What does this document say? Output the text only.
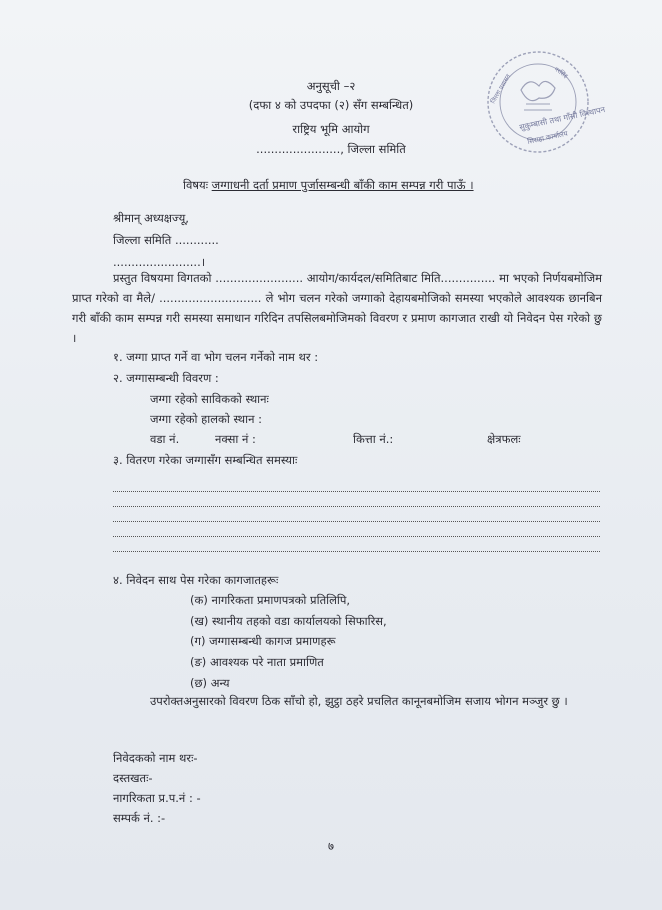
जिल्ला प्रशासन
नरसिंह
सुकुम्बासी तथा गाँसी विस्थापन
सिराहा कार्यालय
अनुसूची –२
(दफा ४ को उपदफा (२) सँग सम्बन्धित)
राष्ट्रिय भूमि आयोग
......................., जिल्ला समिति
विषयः जग्गाधनी दर्ता प्रमाण पुर्जासम्बन्धी बाँकी काम सम्पन्न गरी पाऊँ ।
श्रीमान् अध्यक्षज्यू,
जिल्ला समिति ............
........................।
प्रस्तुत विषयमा विगतको ........................ आयोग/कार्यदल/समितिबाट मिति............... मा भएको निर्णयबमोजिम प्राप्त गरेको वा मैले/ ............................ ले भोग चलन गरेको जग्गाको देहायबमोजिको समस्या भएकोले आवश्यक छानबिन गरी बाँकी काम सम्पन्न गरी समस्या समाधान गरिदिन तपसिलबमोजिमको विवरण र प्रमाण कागजात राखी यो निवेदन पेस गरेको छु ।
१. जग्गा प्राप्त गर्ने वा भोग चलन गर्नेको नाम थर :
२. जग्गासम्बन्धी विवरण :
जग्गा रहेको साविकको स्थानः
जग्गा रहेको हालको स्थान :
वडा नं.	नक्सा नं :	कित्ता नं.:	क्षेत्रफलः
३. वितरण गरेका जग्गासँग सम्बन्धित समस्याः
४. निवेदन साथ पेस गरेका कागजातहरूः
(क) नागरिकता प्रमाणपत्रको प्रतिलिपि,
(ख) स्थानीय तहको वडा कार्यालयको सिफारिस,
(ग) जग्गासम्बन्धी कागज प्रमाणहरू
(ङ) आवश्यक परे नाता प्रमाणित
(छ) अन्य
उपरोक्तअनुसारको विवरण ठिक साँचो हो, झुट्ठा ठहरे प्रचलित कानूनबमोजिम सजाय भोगन मञ्जुर छु ।
निवेदकको नाम थरः-
दस्तखतः-
नागरिकता प्र.प.नं : -
सम्पर्क नं. :-
७
